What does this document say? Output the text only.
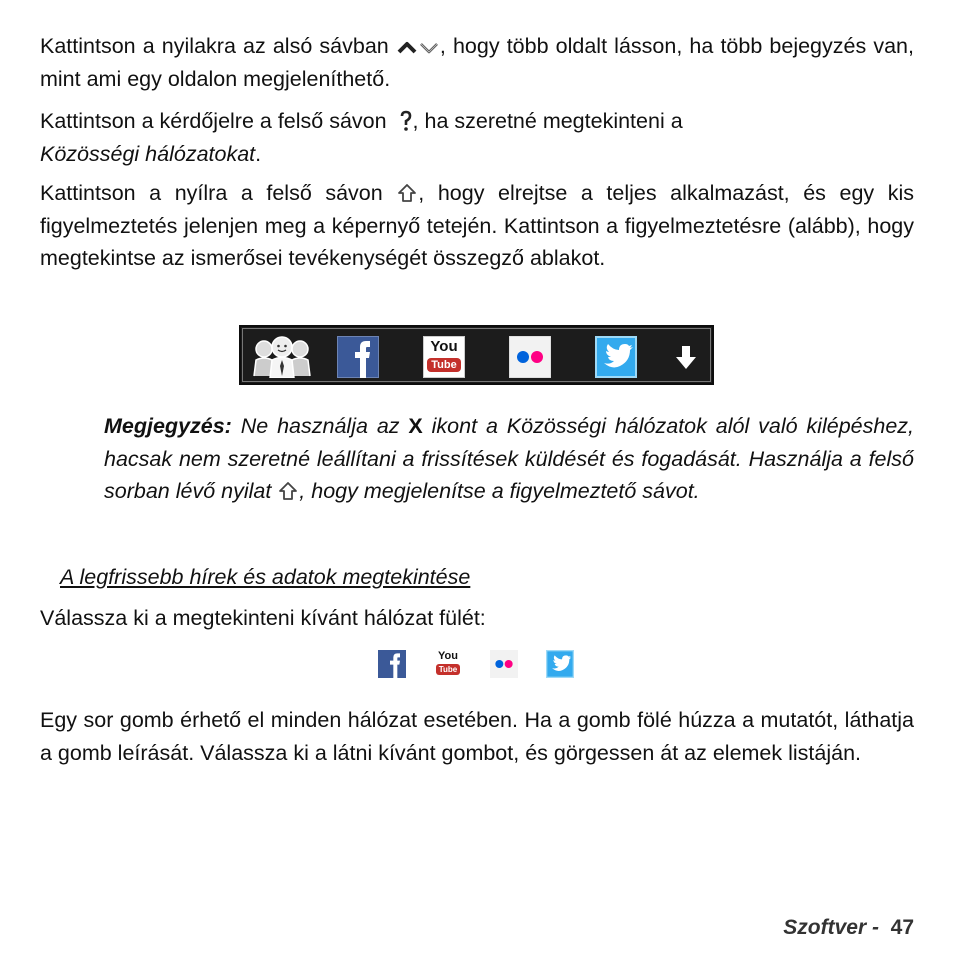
Kattintson a nyilakra az alsó sávban , hogy több oldalt lásson, ha több bejegyzés van, mint ami egy oldalon megjeleníthető.

Kattintson a kérdőjelre a felső sávon , ha szeretné megtekinteni a
Közösségi hálózatokat.

Kattintson a nyílra a felső sávon , hogy elrejtse a teljes alkalmazást, és egy kis figyelmeztetés jelenjen meg a képernyő tetején. Kattintson a figyelmeztetésre (alább), hogy megtekintse az ismerősei tevékenységét összegző ablakot.

You
Tube

Megjegyzés: Ne használja az X ikont a Közösségi hálózatok alól való kilépéshez, hacsak nem szeretné leállítani a frissítések küldését és fogadását. Használja a felső sorban lévő nyilat , hogy megjelenítse a figyelmeztető sávot.

A legfrissebb hírek és adatok megtekintése

Válassza ki a megtekinteni kívánt hálózat fülét:

You
Tube

Egy sor gomb érhető el minden hálózat esetében. Ha a gomb fölé húzza a mutatót, láthatja a gomb leírását. Válassza ki a látni kívánt gombot, és görgessen át az elemek listáján.

Szoftver -  47
